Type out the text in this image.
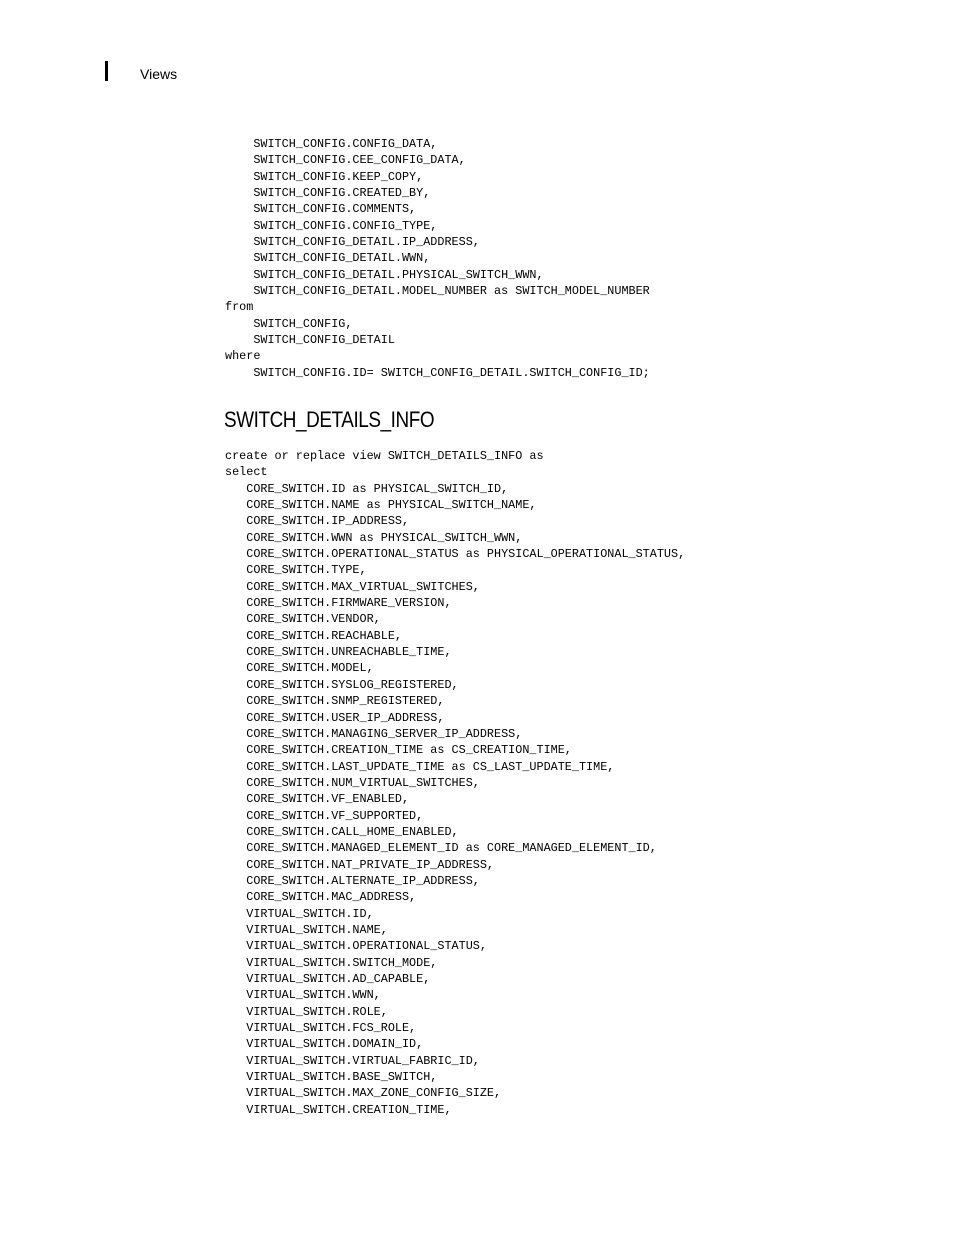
Views
SWITCH_CONFIG.CONFIG_DATA,
SWITCH_CONFIG.CEE_CONFIG_DATA,
SWITCH_CONFIG.KEEP_COPY,
SWITCH_CONFIG.CREATED_BY,
SWITCH_CONFIG.COMMENTS,
SWITCH_CONFIG.CONFIG_TYPE,
SWITCH_CONFIG_DETAIL.IP_ADDRESS,
SWITCH_CONFIG_DETAIL.WWN,
SWITCH_CONFIG_DETAIL.PHYSICAL_SWITCH_WWN,
SWITCH_CONFIG_DETAIL.MODEL_NUMBER as SWITCH_MODEL_NUMBER
from
SWITCH_CONFIG,
SWITCH_CONFIG_DETAIL
where
SWITCH_CONFIG.ID= SWITCH_CONFIG_DETAIL.SWITCH_CONFIG_ID;
SWITCH_DETAILS_INFO
create or replace view SWITCH_DETAILS_INFO as
select
CORE_SWITCH.ID as PHYSICAL_SWITCH_ID,
CORE_SWITCH.NAME as PHYSICAL_SWITCH_NAME,
CORE_SWITCH.IP_ADDRESS,
CORE_SWITCH.WWN as PHYSICAL_SWITCH_WWN,
CORE_SWITCH.OPERATIONAL_STATUS as PHYSICAL_OPERATIONAL_STATUS,
CORE_SWITCH.TYPE,
CORE_SWITCH.MAX_VIRTUAL_SWITCHES,
CORE_SWITCH.FIRMWARE_VERSION,
CORE_SWITCH.VENDOR,
CORE_SWITCH.REACHABLE,
CORE_SWITCH.UNREACHABLE_TIME,
CORE_SWITCH.MODEL,
CORE_SWITCH.SYSLOG_REGISTERED,
CORE_SWITCH.SNMP_REGISTERED,
CORE_SWITCH.USER_IP_ADDRESS,
CORE_SWITCH.MANAGING_SERVER_IP_ADDRESS,
CORE_SWITCH.CREATION_TIME as CS_CREATION_TIME,
CORE_SWITCH.LAST_UPDATE_TIME as CS_LAST_UPDATE_TIME,
CORE_SWITCH.NUM_VIRTUAL_SWITCHES,
CORE_SWITCH.VF_ENABLED,
CORE_SWITCH.VF_SUPPORTED,
CORE_SWITCH.CALL_HOME_ENABLED,
CORE_SWITCH.MANAGED_ELEMENT_ID as CORE_MANAGED_ELEMENT_ID,
CORE_SWITCH.NAT_PRIVATE_IP_ADDRESS,
CORE_SWITCH.ALTERNATE_IP_ADDRESS,
CORE_SWITCH.MAC_ADDRESS,
VIRTUAL_SWITCH.ID,
VIRTUAL_SWITCH.NAME,
VIRTUAL_SWITCH.OPERATIONAL_STATUS,
VIRTUAL_SWITCH.SWITCH_MODE,
VIRTUAL_SWITCH.AD_CAPABLE,
VIRTUAL_SWITCH.WWN,
VIRTUAL_SWITCH.ROLE,
VIRTUAL_SWITCH.FCS_ROLE,
VIRTUAL_SWITCH.DOMAIN_ID,
VIRTUAL_SWITCH.VIRTUAL_FABRIC_ID,
VIRTUAL_SWITCH.BASE_SWITCH,
VIRTUAL_SWITCH.MAX_ZONE_CONFIG_SIZE,
VIRTUAL_SWITCH.CREATION_TIME,
